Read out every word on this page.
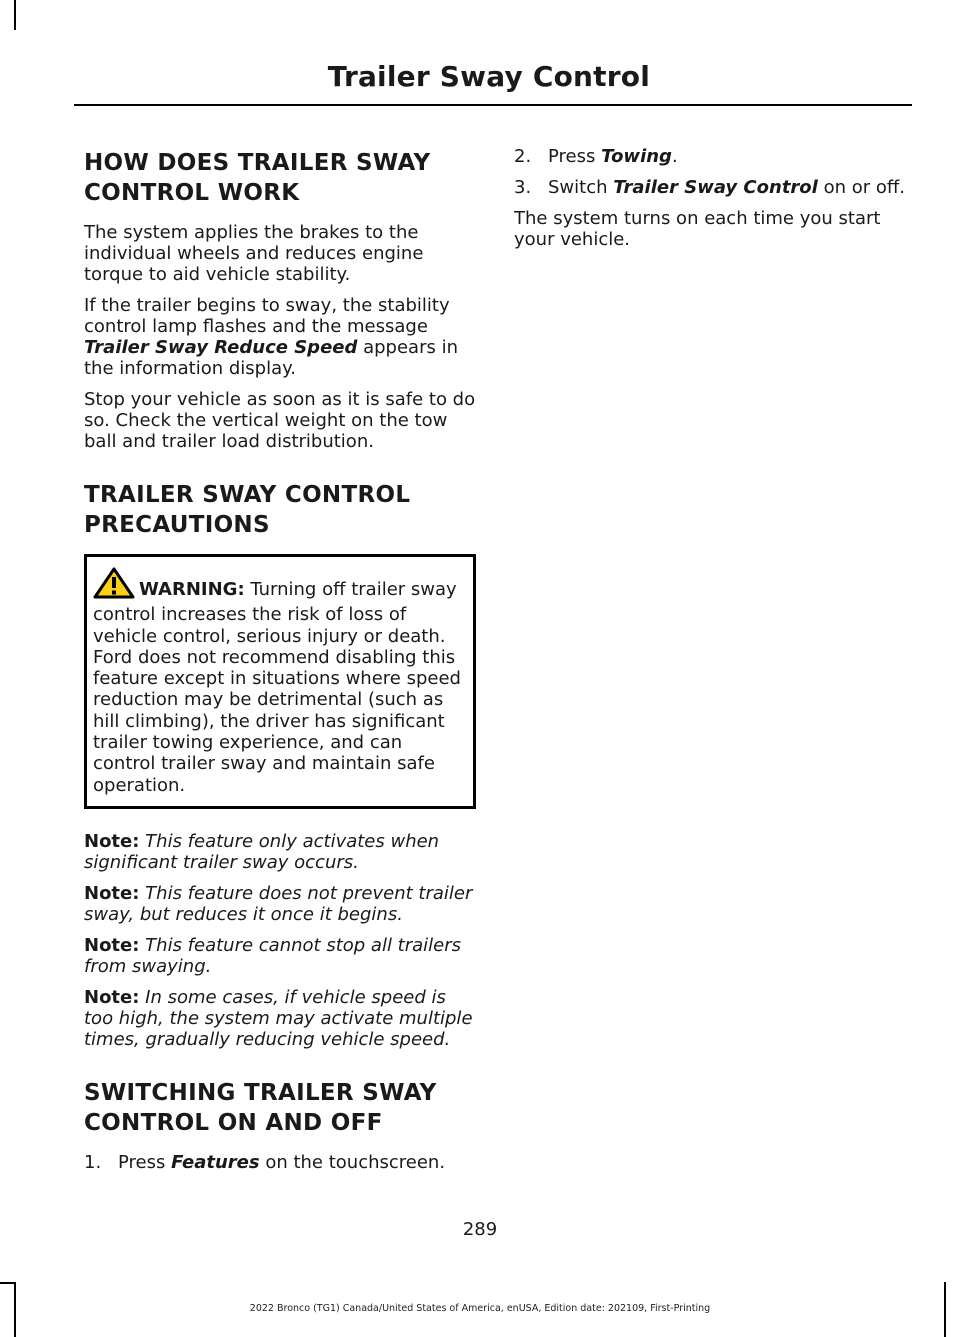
Trailer Sway Control
HOW DOES TRAILER SWAY
CONTROL WORK

The system applies the brakes to the individual wheels and reduces engine torque to aid vehicle stability.

If the trailer begins to sway, the stability control lamp flashes and the message Trailer Sway Reduce Speed appears in the information display.

Stop your vehicle as soon as it is safe to do so. Check the vertical weight on the tow ball and trailer load distribution.

TRAILER SWAY CONTROL
PRECAUTIONS
WARNING: Turning off trailer sway control increases the risk of loss of vehicle control, serious injury or death. Ford does not recommend disabling this feature except in situations where speed reduction may be detrimental (such as hill climbing), the driver has significant trailer towing experience, and can control trailer sway and maintain safe operation.
Note: This feature only activates when significant trailer sway occurs.
Note: This feature does not prevent trailer sway, but reduces it once it begins.
Note: This feature cannot stop all trailers from swaying.
Note: In some cases, if vehicle speed is too high, the system may activate multiple times, gradually reducing vehicle speed.
SWITCHING TRAILER SWAY
CONTROL ON AND OFF
1. Press Features on the touchscreen.
2. Press Towing.
3. Switch Trailer Sway Control on or off.

The system turns on each time you start your vehicle.

289
2022 Bronco (TG1) Canada/United States of America, enUSA, Edition date: 202109, First-Printing
